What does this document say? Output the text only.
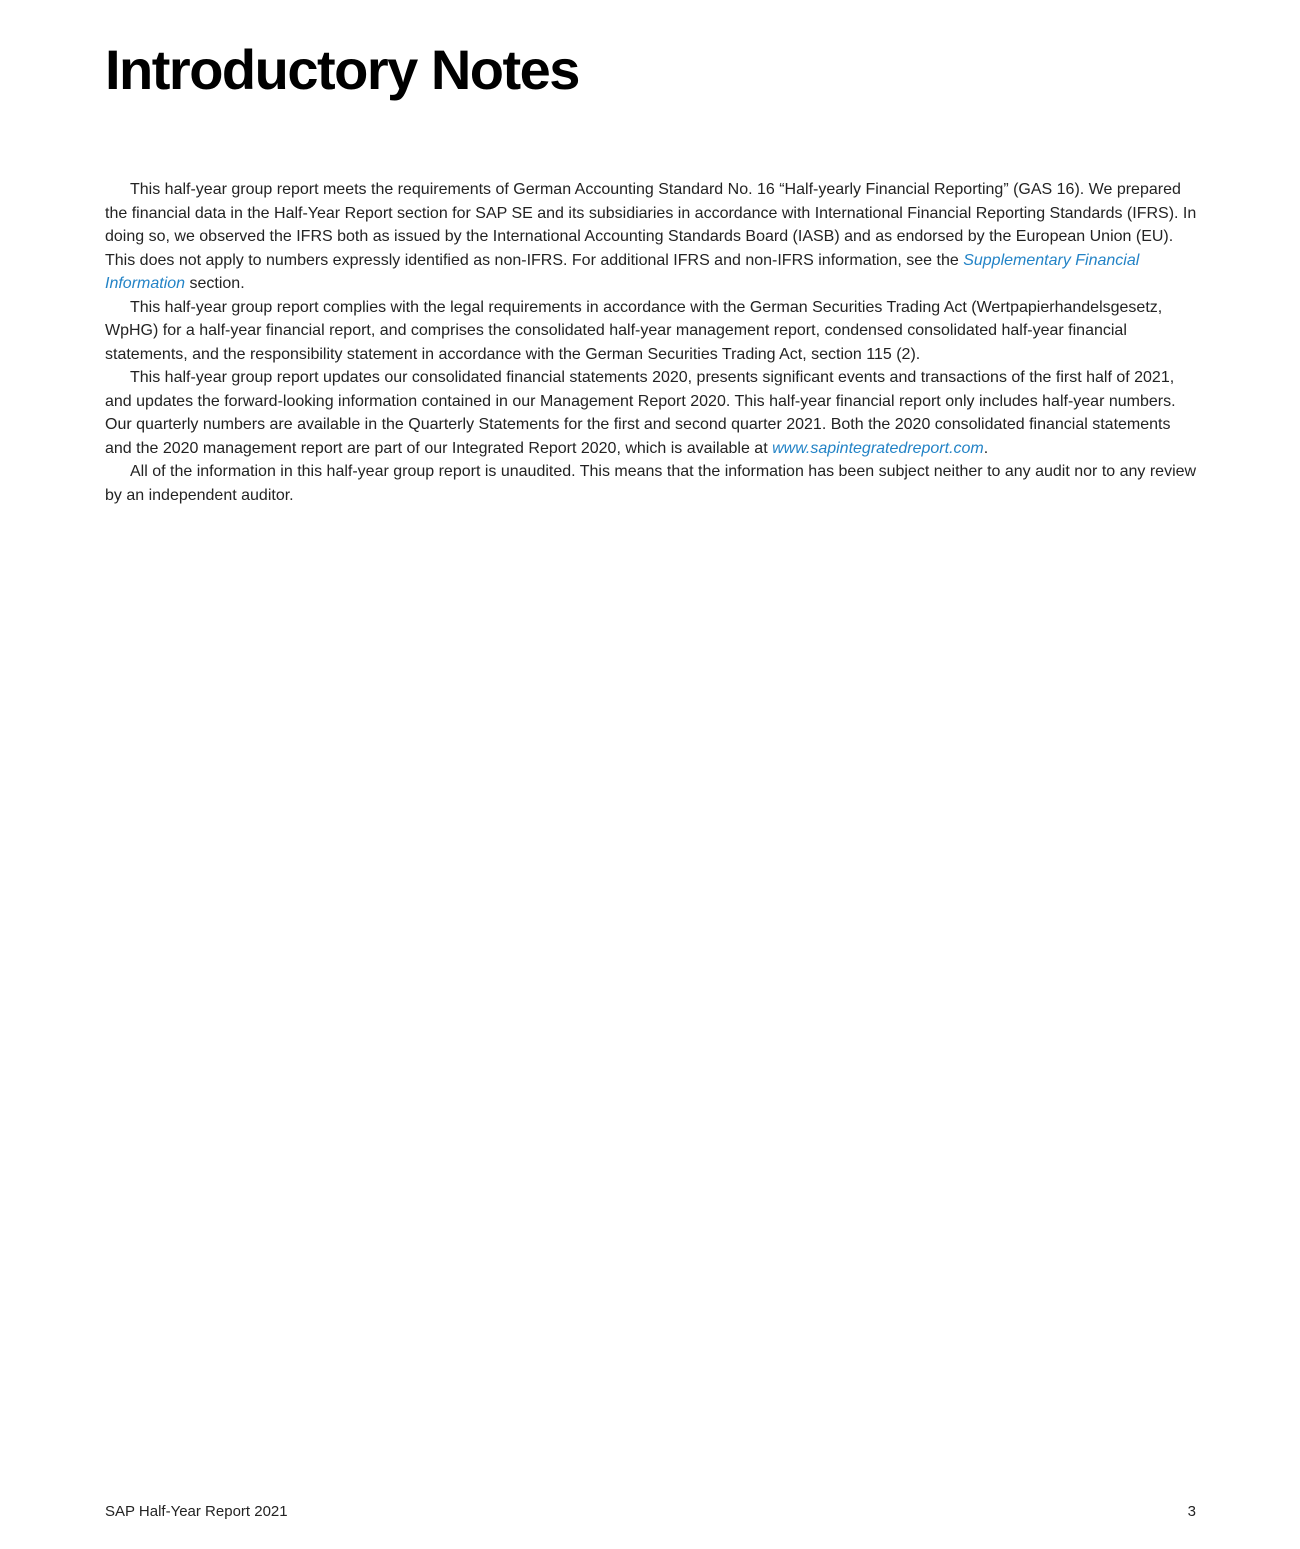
Introductory Notes

This half-year group report meets the requirements of German Accounting Standard No. 16 “Half-yearly Financial Reporting” (GAS 16). We prepared the financial data in the Half-Year Report section for SAP SE and its subsidiaries in accordance with International Financial Reporting Standards (IFRS). In doing so, we observed the IFRS both as issued by the International Accounting Standards Board (IASB) and as endorsed by the European Union (EU). This does not apply to numbers expressly identified as non-IFRS. For additional IFRS and non-IFRS information, see the Supplementary Financial Information section.

This half-year group report complies with the legal requirements in accordance with the German Securities Trading Act (Wertpapierhandelsgesetz, WpHG) for a half-year financial report, and comprises the consolidated half-year management report, condensed consolidated half-year financial statements, and the responsibility statement in accordance with the German Securities Trading Act, section 115 (2).

This half-year group report updates our consolidated financial statements 2020, presents significant events and transactions of the first half of 2021, and updates the forward-looking information contained in our Management Report 2020. This half-year financial report only includes half-year numbers. Our quarterly numbers are available in the Quarterly Statements for the first and second quarter 2021. Both the 2020 consolidated financial statements and the 2020 management report are part of our Integrated Report 2020, which is available at www.sapintegratedreport.com.

All of the information in this half-year group report is unaudited. This means that the information has been subject neither to any audit nor to any review by an independent auditor.

SAP Half-Year Report 2021	3
